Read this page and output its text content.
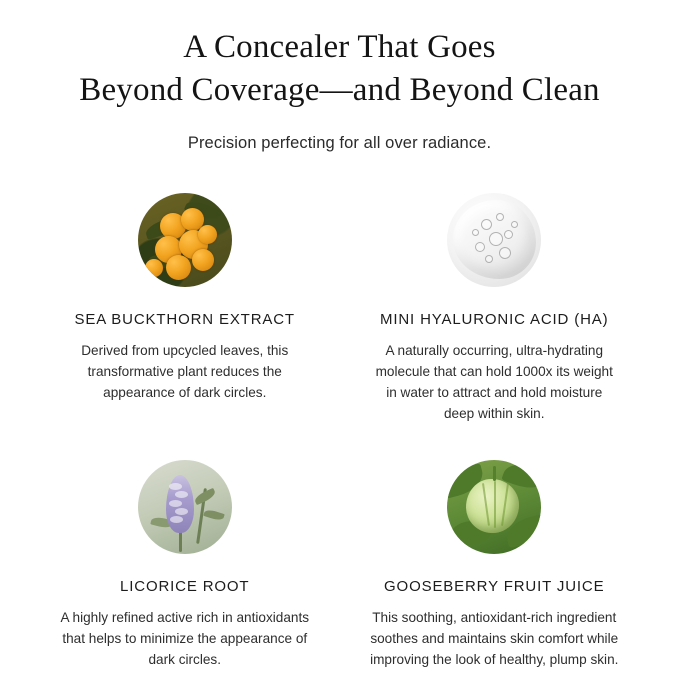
A Concealer That Goes
Beyond Coverage—and Beyond Clean

Precision perfecting for all over radiance.

SEA BUCKTHORN EXTRACT
Derived from upcycled leaves, this transformative plant reduces the appearance of dark circles.
MINI HYALURONIC ACID (HA)
A naturally occurring, ultra-hydrating molecule that can hold 1000x its weight in water to attract and hold moisture deep within skin.
LICORICE ROOT
A highly refined active rich in antioxidants that helps to minimize the appearance of dark circles.
GOOSEBERRY FRUIT JUICE
This soothing, antioxidant-rich ingredient soothes and maintains skin comfort while improving the look of healthy, plump skin.
